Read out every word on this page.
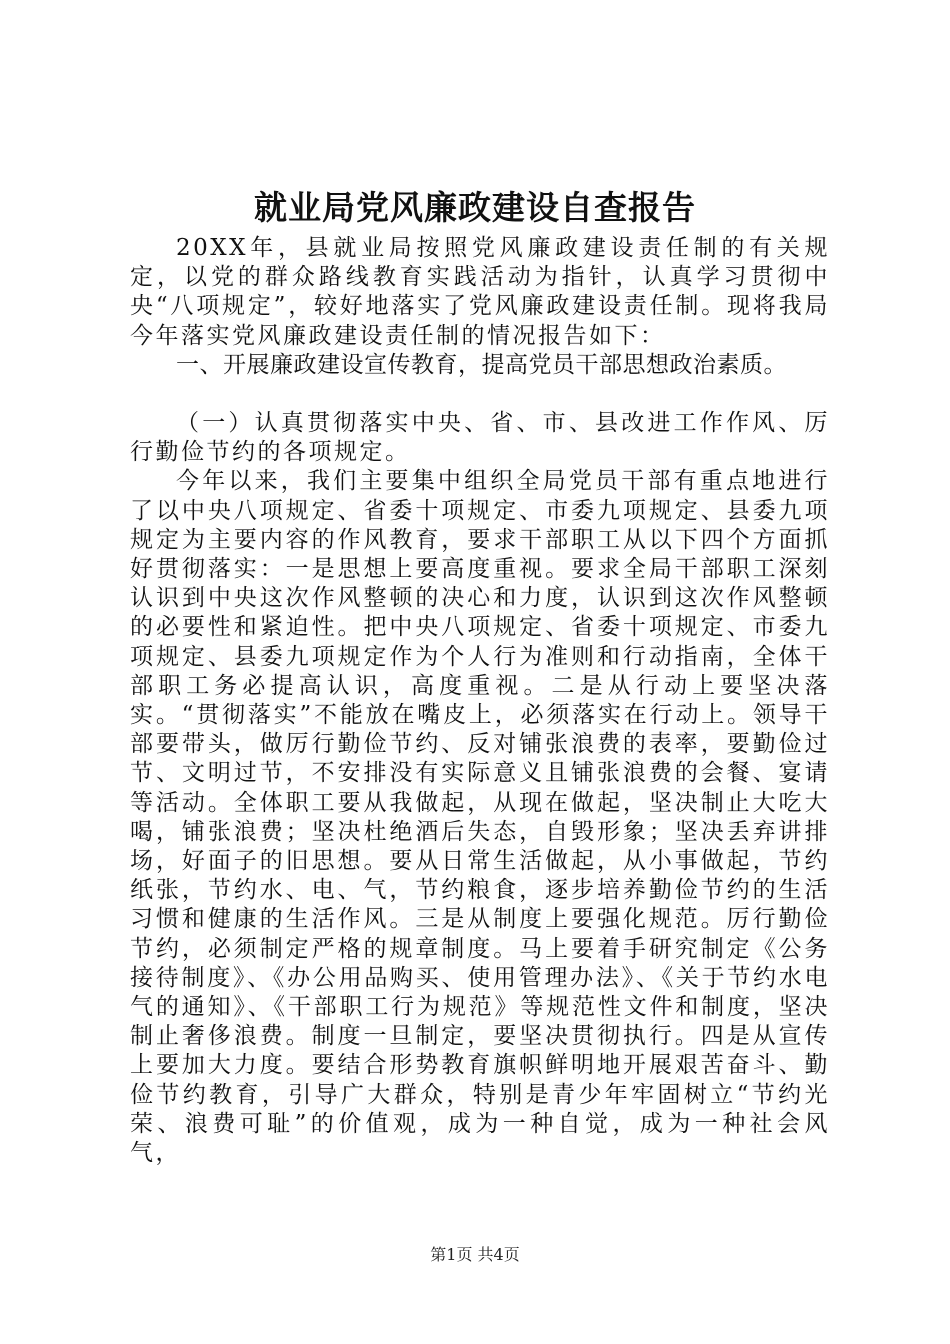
就业局党风廉政建设自查报告

20XX年，县就业局按照党风廉政建设责任制的有关规定，以党的群众路线教育实践活动为指针，认真学习贯彻中央“八项规定”，较好地落实了党风廉政建设责任制。现将我局今年落实党风廉政建设责任制的情况报告如下：

一、开展廉政建设宣传教育，提高党员干部思想政治素质。

（一）认真贯彻落实中央、省、市、县改进工作作风、厉行勤俭节约的各项规定。

今年以来，我们主要集中组织全局党员干部有重点地进行了以中央八项规定、省委十项规定、市委九项规定、县委九项规定为主要内容的作风教育，要求干部职工从以下四个方面抓好贯彻落实：一是思想上要高度重视。要求全局干部职工深刻认识到中央这次作风整顿的决心和力度，认识到这次作风整顿的必要性和紧迫性。把中央八项规定、省委十项规定、市委九项规定、县委九项规定作为个人行为准则和行动指南，全体干部职工务必提高认识，高度重视。二是从行动上要坚决落实。“贯彻落实”不能放在嘴皮上，必须落实在行动上。领导干部要带头，做厉行勤俭节约、反对铺张浪费的表率，要勤俭过节、文明过节，不安排没有实际意义且铺张浪费的会餐、宴请等活动。全体职工要从我做起，从现在做起，坚决制止大吃大喝，铺张浪费；坚决杜绝酒后失态，自毁形象；坚决丢弃讲排场，好面子的旧思想。要从日常生活做起，从小事做起，节约纸张，节约水、电、气，节约粮食，逐步培养勤俭节约的生活习惯和健康的生活作风。三是从制度上要强化规范。厉行勤俭节约，必须制定严格的规章制度。马上要着手研究制定《公务接待制度》、《办公用品购买、使用管理办法》、《关于节约水电气的通知》、《干部职工行为规范》等规范性文件和制度，坚决制止奢侈浪费。制度一旦制定，要坚决贯彻执行。四是从宣传上要加大力度。要结合形势教育旗帜鲜明地开展艰苦奋斗、勤俭节约教育，引导广大群众，特别是青少年牢固树立“节约光荣、浪费可耻”的价值观，成为一种自觉，成为一种社会风气，

第1页 共4页
